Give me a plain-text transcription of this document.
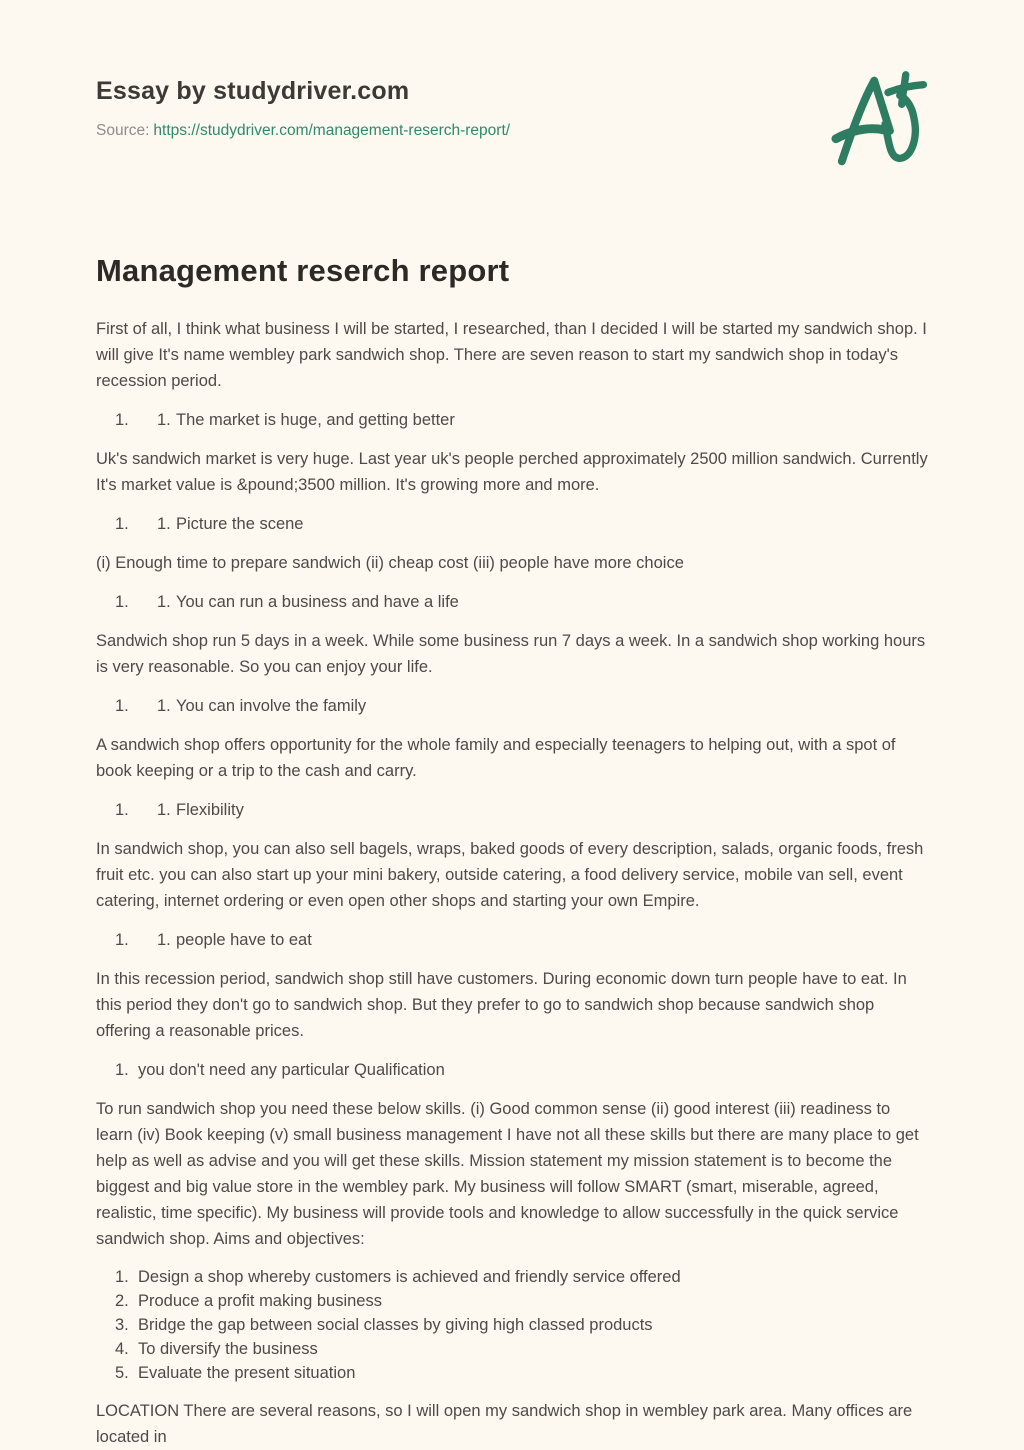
Essay by studydriver.com

Source: https://studydriver.com/management-reserch-report/

Management reserch report

First of all, I think what business I will be started, I researched, than I decided I will be started my sandwich shop. I will give It's name wembley park sandwich shop. There are seven reason to start my sandwich shop in today's recession period.

1. 1. The market is huge, and getting better

Uk's sandwich market is very huge. Last year uk's people perched approximately 2500 million sandwich. Currently It's market value is &pound;3500 million. It's growing more and more.

1. 1. Picture the scene

(i) Enough time to prepare sandwich (ii) cheap cost (iii) people have more choice

1. 1. You can run a business and have a life

Sandwich shop run 5 days in a week. While some business run 7 days a week. In a sandwich shop working hours is very reasonable. So you can enjoy your life.

1. 1. You can involve the family

A sandwich shop offers opportunity for the whole family and especially teenagers to helping out, with a spot of book keeping or a trip to the cash and carry.

1. 1. Flexibility

In sandwich shop, you can also sell bagels, wraps, baked goods of every description, salads, organic foods, fresh fruit etc. you can also start up your mini bakery, outside catering, a food delivery service, mobile van sell, event catering, internet ordering or even open other shops and starting your own Empire.

1. 1. people have to eat

In this recession period, sandwich shop still have customers. During economic down turn people have to eat. In this period they don't go to sandwich shop. But they prefer to go to sandwich shop because sandwich shop offering a reasonable prices.

1. you don't need any particular Qualification

To run sandwich shop you need these below skills. (i) Good common sense (ii) good interest (iii) readiness to learn (iv) Book keeping (v) small business management I have not all these skills but there are many place to get help as well as advise and you will get these skills. Mission statement my mission statement is to become the biggest and big value store in the wembley park. My business will follow SMART (smart, miserable, agreed, realistic, time specific). My business will provide tools and knowledge to allow successfully in the quick service sandwich shop. Aims and objectives:

1. Design a shop whereby customers is achieved and friendly service offered
2. Produce a profit making business
3. Bridge the gap between social classes by giving high classed products
4. To diversify the business
5. Evaluate the present situation

LOCATION There are several reasons, so I will open my sandwich shop in wembley park area. Many offices are located in
